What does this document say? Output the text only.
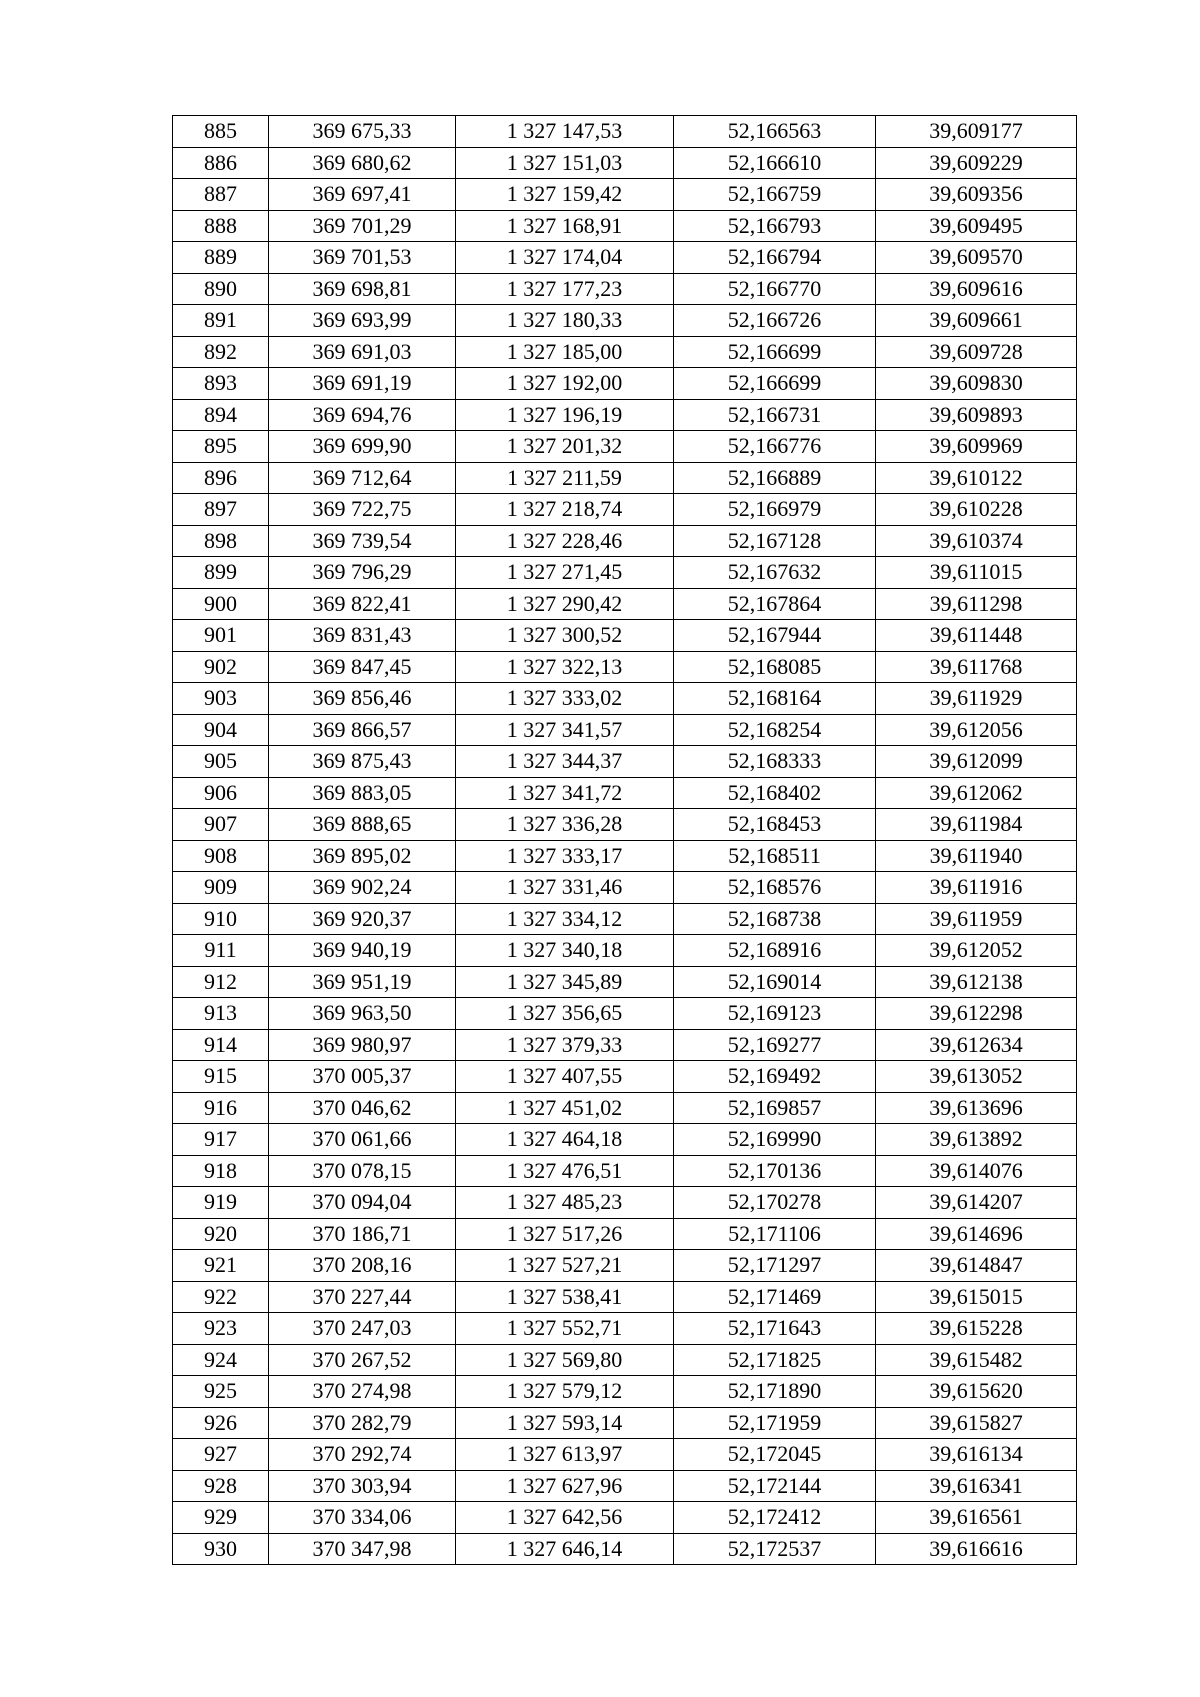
885	369 675,33	1 327 147,53	52,166563	39,609177
886	369 680,62	1 327 151,03	52,166610	39,609229
887	369 697,41	1 327 159,42	52,166759	39,609356
888	369 701,29	1 327 168,91	52,166793	39,609495
889	369 701,53	1 327 174,04	52,166794	39,609570
890	369 698,81	1 327 177,23	52,166770	39,609616
891	369 693,99	1 327 180,33	52,166726	39,609661
892	369 691,03	1 327 185,00	52,166699	39,609728
893	369 691,19	1 327 192,00	52,166699	39,609830
894	369 694,76	1 327 196,19	52,166731	39,609893
895	369 699,90	1 327 201,32	52,166776	39,609969
896	369 712,64	1 327 211,59	52,166889	39,610122
897	369 722,75	1 327 218,74	52,166979	39,610228
898	369 739,54	1 327 228,46	52,167128	39,610374
899	369 796,29	1 327 271,45	52,167632	39,611015
900	369 822,41	1 327 290,42	52,167864	39,611298
901	369 831,43	1 327 300,52	52,167944	39,611448
902	369 847,45	1 327 322,13	52,168085	39,611768
903	369 856,46	1 327 333,02	52,168164	39,611929
904	369 866,57	1 327 341,57	52,168254	39,612056
905	369 875,43	1 327 344,37	52,168333	39,612099
906	369 883,05	1 327 341,72	52,168402	39,612062
907	369 888,65	1 327 336,28	52,168453	39,611984
908	369 895,02	1 327 333,17	52,168511	39,611940
909	369 902,24	1 327 331,46	52,168576	39,611916
910	369 920,37	1 327 334,12	52,168738	39,611959
911	369 940,19	1 327 340,18	52,168916	39,612052
912	369 951,19	1 327 345,89	52,169014	39,612138
913	369 963,50	1 327 356,65	52,169123	39,612298
914	369 980,97	1 327 379,33	52,169277	39,612634
915	370 005,37	1 327 407,55	52,169492	39,613052
916	370 046,62	1 327 451,02	52,169857	39,613696
917	370 061,66	1 327 464,18	52,169990	39,613892
918	370 078,15	1 327 476,51	52,170136	39,614076
919	370 094,04	1 327 485,23	52,170278	39,614207
920	370 186,71	1 327 517,26	52,171106	39,614696
921	370 208,16	1 327 527,21	52,171297	39,614847
922	370 227,44	1 327 538,41	52,171469	39,615015
923	370 247,03	1 327 552,71	52,171643	39,615228
924	370 267,52	1 327 569,80	52,171825	39,615482
925	370 274,98	1 327 579,12	52,171890	39,615620
926	370 282,79	1 327 593,14	52,171959	39,615827
927	370 292,74	1 327 613,97	52,172045	39,616134
928	370 303,94	1 327 627,96	52,172144	39,616341
929	370 334,06	1 327 642,56	52,172412	39,616561
930	370 347,98	1 327 646,14	52,172537	39,616616
